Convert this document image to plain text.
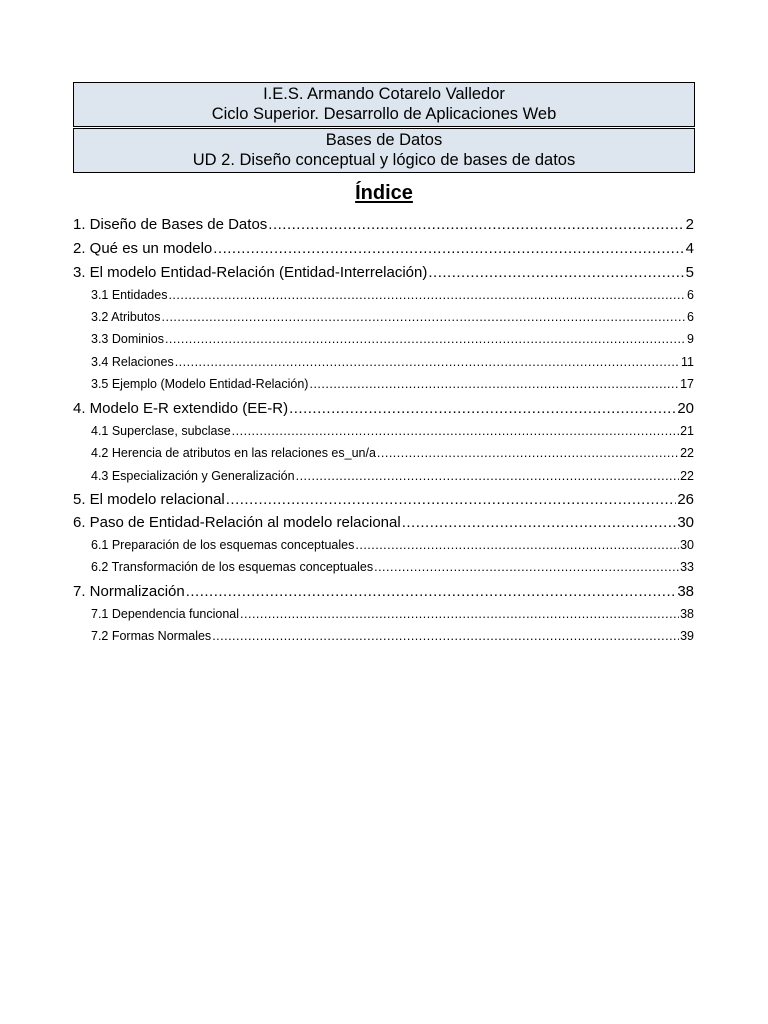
I.E.S. Armando Cotarelo Valledor
Ciclo Superior. Desarrollo de Aplicaciones Web
Bases de Datos
UD 2. Diseño conceptual y lógico de bases de datos
Índice
1. Diseño de Bases de Datos .....	2
2. Qué es un modelo .....	4
3. El modelo Entidad-Relación (Entidad-Interrelación) .....	5
3.1 Entidades .....	6
3.2 Atributos .....	6
3.3 Dominios .....	9
3.4 Relaciones .....	11
3.5 Ejemplo (Modelo Entidad-Relación) .....	17
4. Modelo E-R extendido (EE-R) .....	20
4.1 Superclase, subclase .....	21
4.2 Herencia de atributos en las relaciones es_un/a .....	22
4.3 Especialización y Generalización .....	22
5. El modelo relacional .....	26
6. Paso de Entidad-Relación al modelo relacional .....	30
6.1 Preparación de los esquemas conceptuales .....	30
6.2 Transformación de los esquemas conceptuales .....	33
7. Normalización .....	38
7.1 Dependencia funcional .....	38
7.2 Formas Normales .....	39
